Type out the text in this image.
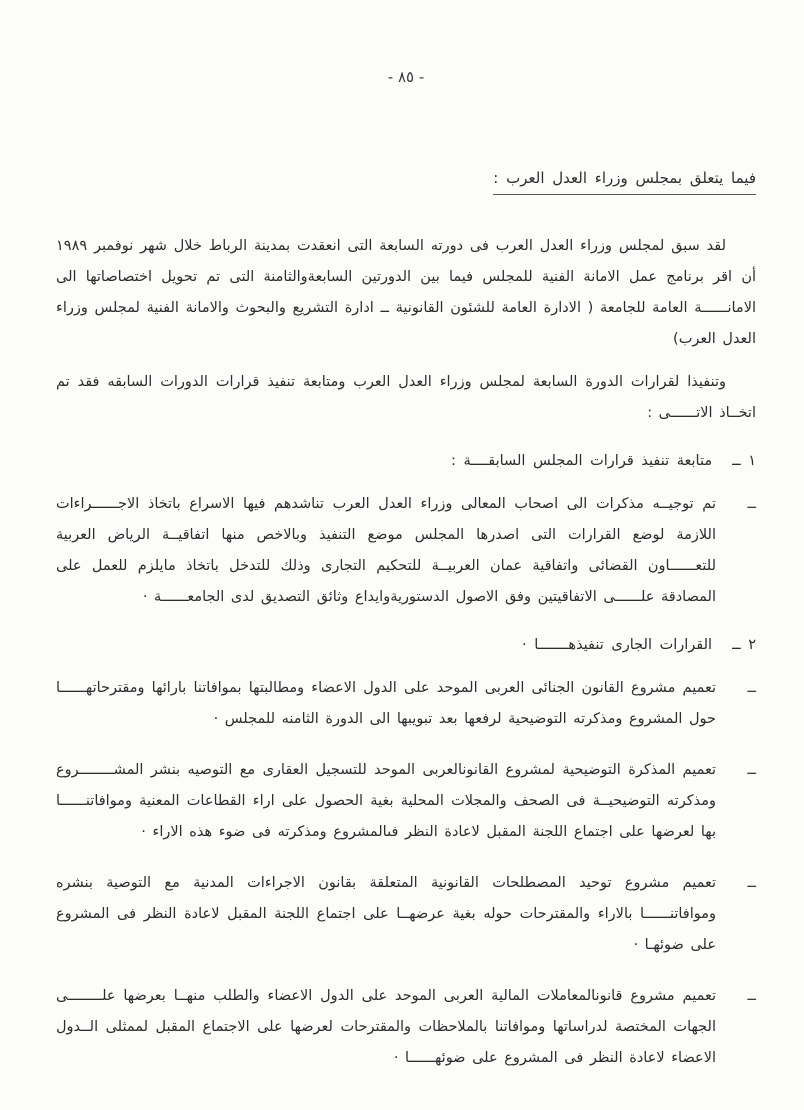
- ٨٥ -
فيما يتعلق بمجلس وزراء العدل العرب :

لقد سبق لمجلس وزراء العدل العرب فى دورته السابعة التى انعقدت بمدينة الرباط خلال شهر نوفمبر ١٩٨٩ أن اقر برنامج عمل الامانة الفنية للمجلس فيما بين الدورتين السابعةوالثامنة التى تم تحويل اختصاصاتها الى الامانــــــة العامة للجامعة ( الادارة العامة للشئون القانونية ــ ادارة التشريع والبحوث والامانة الفنية لمجلس وزراء العدل العرب)

وتنفيذا لقرارات الدورة السابعة لمجلس وزراء العدل العرب ومتابعة تنفيذ قرارات الدورات السابقه فقد تم اتخــاذ الاتــــــى :

١ ــ
متابعة تنفيذ قرارات المجلس السابقــــة :
ــ
تم توجيــه مذكرات الى اصحاب المعالى وزراء العدل العرب تناشدهم فيها الاسراع باتخاذ الاجــــــراءات اللازمة لوضع القرارات التى اصدرها المجلس موضع التنفيذ وبالاخص منها اتفاقيــة الرياض العربية للتعــــــاون القضائى واتفاقية عمان العربيــة للتحكيم التجارى وذلك للتدخل باتخاذ مايلزم للعمل على المصادقة علــــــى الاتفاقيتين وفق الاصول الدستوريةوايداع وثائق التصديق لدى الجامعــــــة ·
٢ ــ
القرارات الجارى تنفيذهـــــــا ·
ــ
تعميم مشروع القانون الجنائى العربى الموحد على الدول الاعضاء ومطالبتها بموافاتنا بارائها ومقترحاتهــــــا حول المشروع ومذكرته التوضيحية لرفعها بعد تبويبها الى الدورة الثامنه للمجلس ·
ــ
تعميم المذكرة التوضيحية لمشروع القانونالعربى الموحد للتسجيل العقارى مع التوصيه بنشر المشــــــــروع ومذكرته التوضيحيــة فى الصحف والمجلات المحلية بغية الحصول على اراء القطاعات المعنية وموافاتنــــــا بها لعرضها على اجتماع اللجنة المقبل لاعادة النظر فىالمشروع ومذكرته فى ضوء هذه الاراء ·
ــ
تعميم مشروع توحيد المصطلحات القانونية المتعلقة بقانون الاجراءات المدنية مع التوصية بنشره وموافاتنــــــا بالاراء والمقترحات حوله بغية عرضهــا على اجتماع اللجنة المقبل لاعادة النظر فى المشروع على ضوئهـا ·
ــ
تعميم مشروع قانونالمعاملات المالية العربى الموحد على الدول الاعضاء والطلب منهــا بعرضها علــــــــى الجهات المختصة لدراساتها وموافاتنا بالملاحظات والمقترحات لعرضها على الاجتماع المقبل لممثلى الــدول الاعضاء لاعادة النظر فى المشروع على ضوئهــــــا ·
